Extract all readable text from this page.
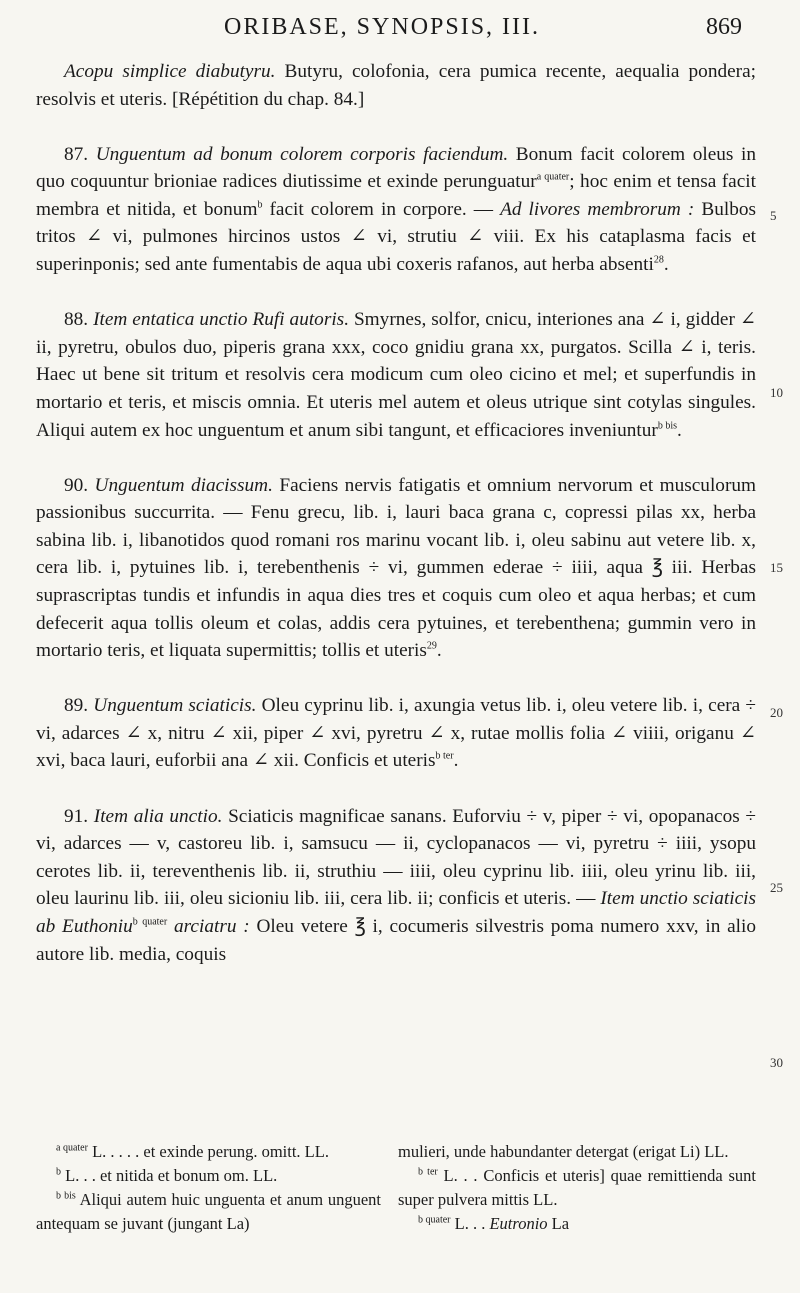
ORIBASE, SYNOPSIS, III.	869

Acopu simplice diabutyru. Butyru, colofonia, cera pumica recente, aequalia pondera; resolvis et uteris. [Répétition du chap. 84.]

87. Unguentum ad bonum colorem corporis faciendum. Bonum facit colorem oleus in quo coquuntur brioniae radices diutissime et exinde perunguatur$^{a quater}$; hoc enim et tensa facit membra et nitida, et bonum$^b$ facit colorem in corpore. — Ad livores membrorum : Bulbos tritos ∠ vi, pulmones hircinos ustos ∠ vi, strutiu ∠ viii. Ex his cataplasma facis et superinponis; sed ante fumentabis de aqua ubi coxeris rafanos, aut herba absenti$^{28}$.

88. Item entatica unctio Rufi autoris. Smyrnes, solfor, cnicu, interiones ana ∠ i, gidder ∠ ii, pyretru, obulos duo, piperis grana xxx, coco gnidiu grana xx, purgatos. Scilla ∠ i, teris. Haec ut bene sit tritum et resolvis cera modicum cum oleo cicino et mel; et superfundis in mortario et teris, et miscis omnia. Et uteris mel autem et oleus utrique sint cotylas singules. Aliqui autem ex hoc unguentum et anum sibi tangunt, et efficaciores inveniuntur$^{b bis}$.

90. Unguentum diacissum. Faciens nervis fatigatis et omnium nervorum et musculorum passionibus succurrita. — Fenu grecu, lib. i, lauri baca grana c, copressi pilas xx, herba sabina lib. i, libanotidos quod romani ros marinu vocant lib. i, oleu sabinu aut vetere lib. x, cera lib. i, pytuines lib. i, terebenthenis ÷ vi, gummen ederae ÷ iiii, aqua ℥ iii. Herbas suprascriptas tundis et infundis in aqua dies tres et coquis cum oleo et aqua herbas; et cum defecerit aqua tollis oleum et colas, addis cera pytuines, et terebenthena; gummin vero in mortario teris, et liquata supermittis; tollis et uteris$^{29}$.

89. Unguentum sciaticis. Oleu cyprinu lib. i, axungia vetus lib. i, oleu vetere lib. i, cera ÷ vi, adarces ∠ x, nitru ∠ xii, piper ∠ xvi, pyretru ∠ x, rutae mollis folia ∠ viiii, origanu ∠ xvi, baca lauri, euforbii ana ∠ xii. Conficis et uteris$^{b ter}$.

91. Item alia unctio. Sciaticis magnificae sanans. Euforviu ÷ v, piper ÷ vi, opopanacos ÷ vi, adarces — v, castoreu lib. i, samsucu — ii, cyclopanacos — vi, pyretru ÷ iiii, ysopu cerotes lib. ii, tereventhenis lib. ii, struthiu — iiii, oleu cyprinu lib. iiii, oleu yrinu lib. iii, oleu laurinu lib. iii, oleu sicioniu lib. iii, cera lib. ii; conficis et uteris. — Item unctio sciaticis ab Euthoniu$^{b quater}$ arciatru : Oleu vetere ℥ i, cocumeris silvestris poma numero xxv, in alio autore lib. media, coquis

5
10
15
20
25
30

$^{a quater}$ L. . . . . et exinde perung. omitt. LL.

$^b$ L. . . et nitida et bonum om. LL.

$^{b bis}$ Aliqui autem huic unguenta et anum unguent antequam se juvant (jungant La)

mulieri, unde habundanter detergat (erigat Li) LL.

$^{b ter}$ L. . . Conficis et uteris] quae remittienda sunt super pulvera mittis LL.

$^{b quater}$ L. . . Eutronio La
